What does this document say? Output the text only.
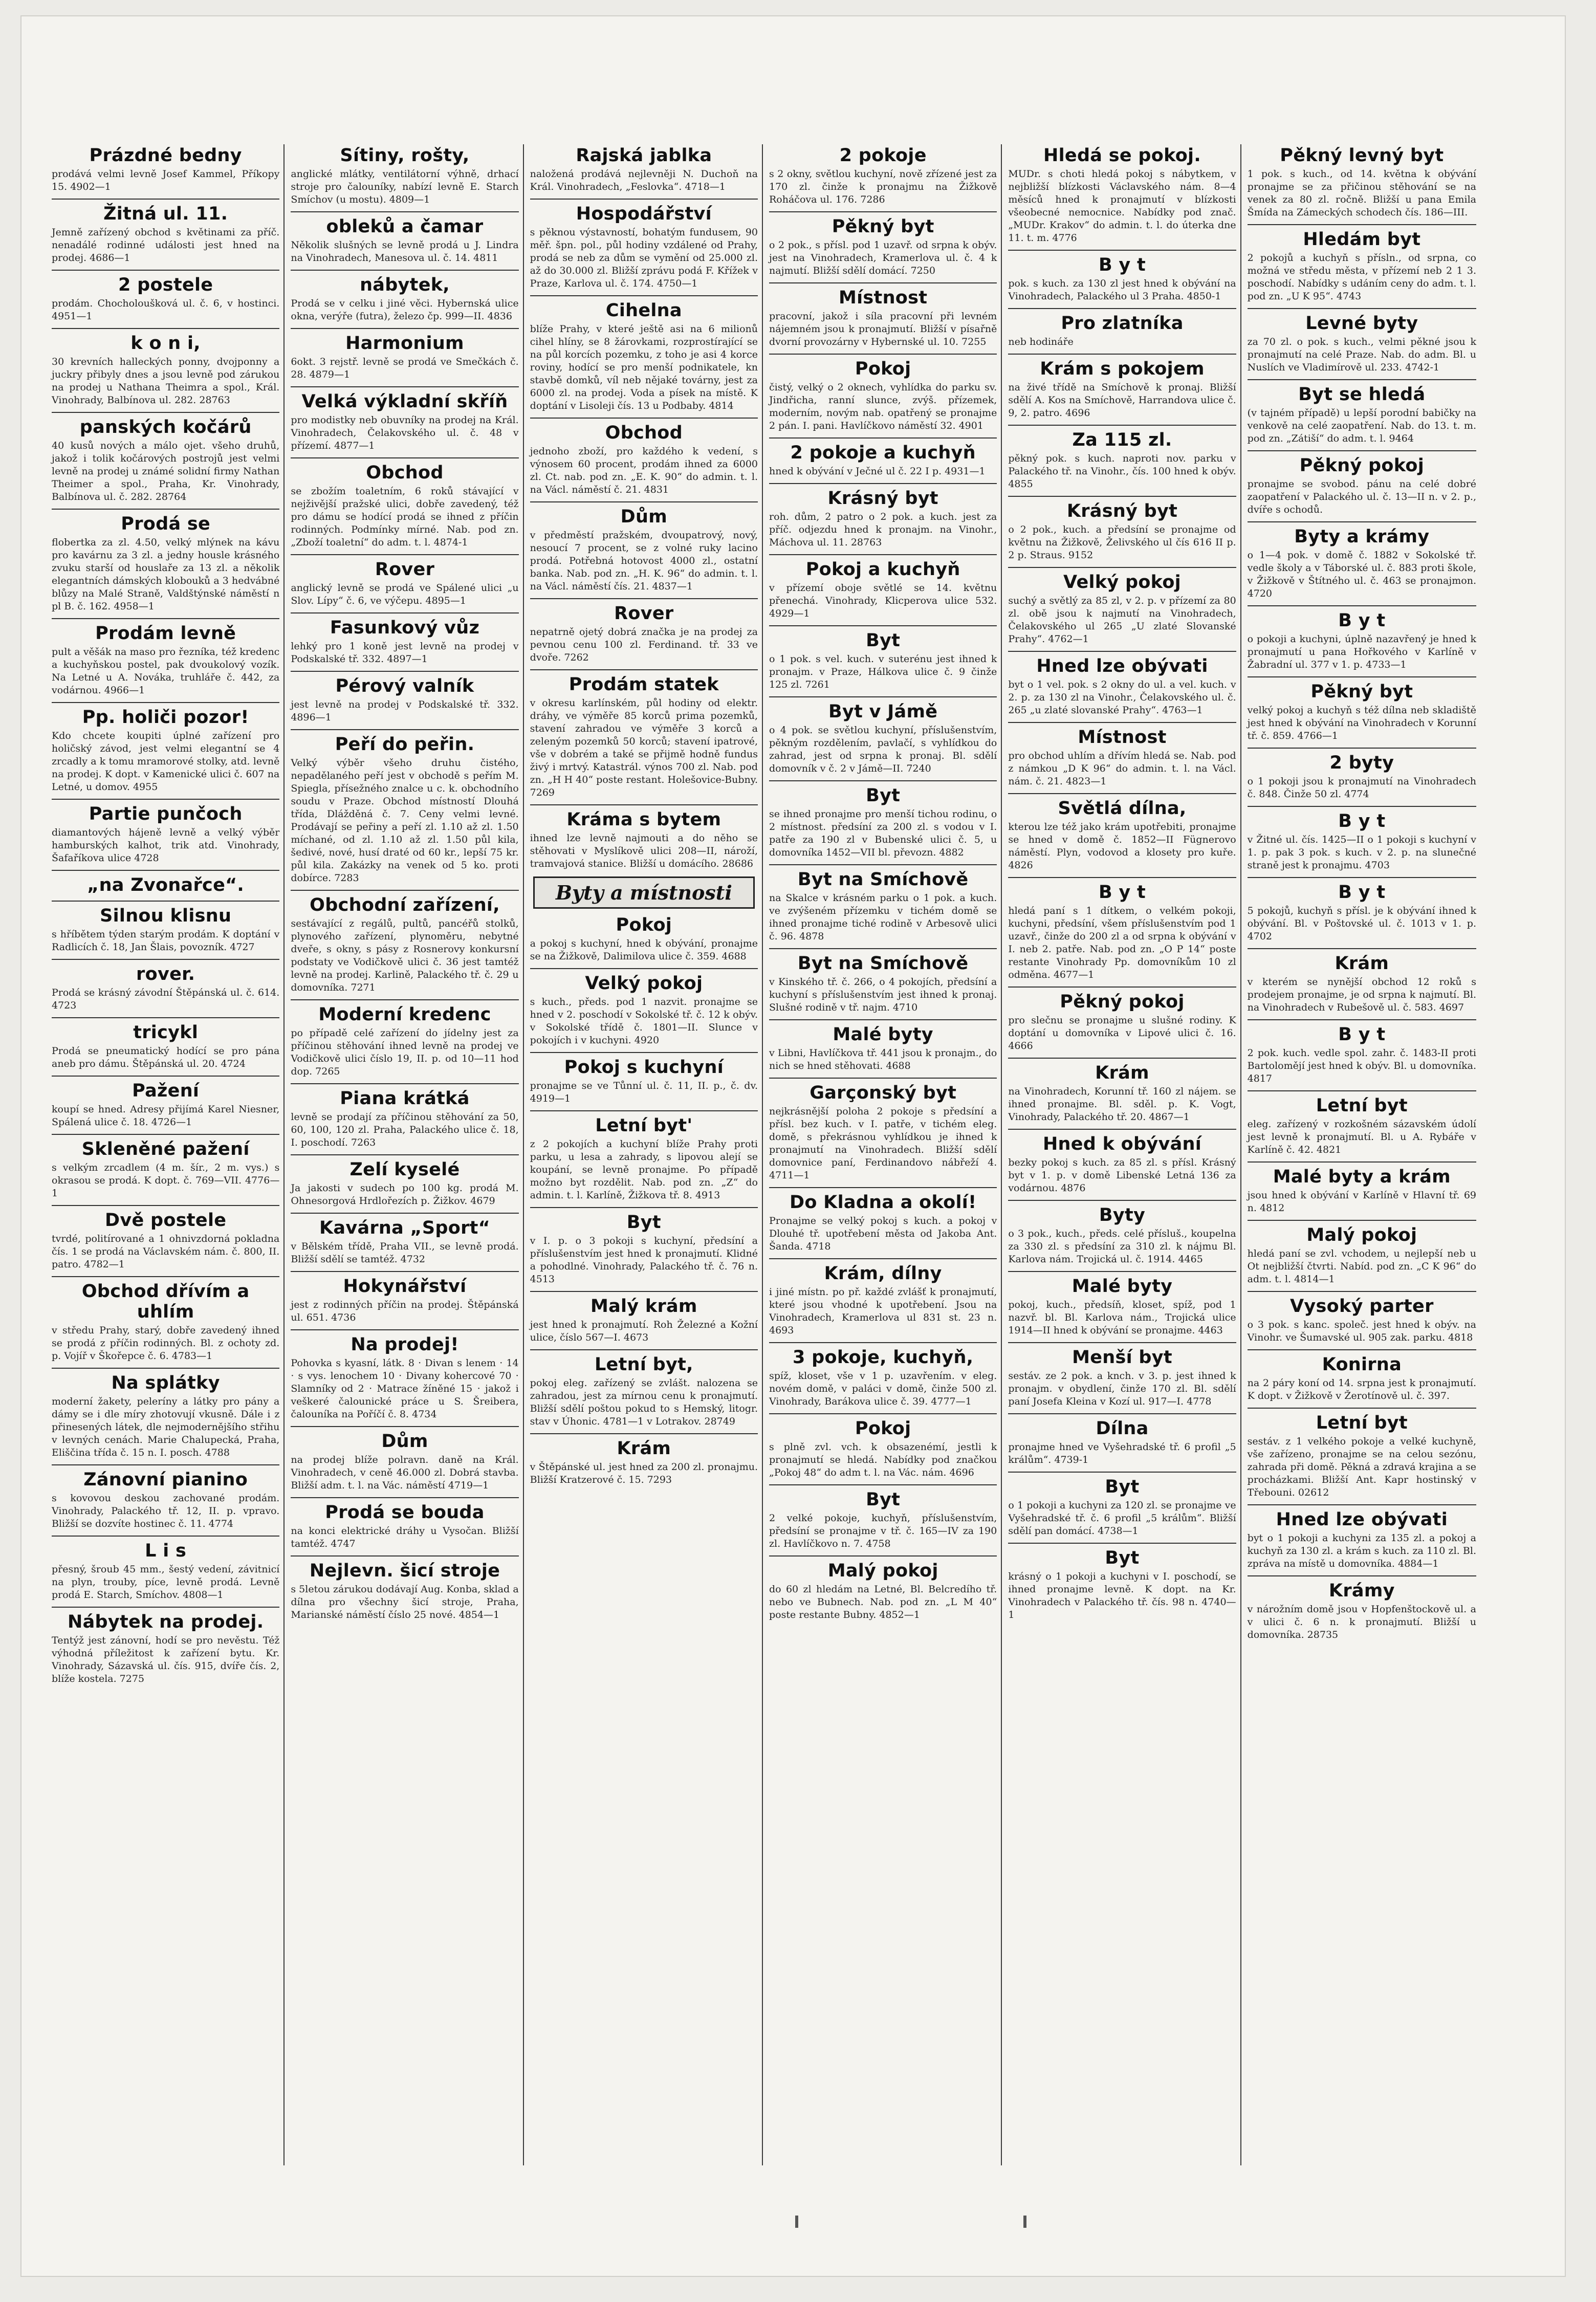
Prázdné bedny

prodává velmi levně Josef Kammel, Příkopy 15. 4902—1

Žitná ul. 11.

Jemně zařízený obchod s květinami za příč. nenadálé rodinné události jest hned na prodej. 4686—1

2 postele

prodám. Chocholoušková ul. č. 6, v hostinci. 4951—1

k o n i,

30 krevních halleckých ponny, dvojponny a juckry přibyly dnes a jsou levně pod zárukou na prodej u Nathana Theimra a spol., Král. Vinohrady, Balbínova ul. 282. 28763

panských kočárů

40 kusů nových a málo ojet. všeho druhů, jakož i tolik kočárových postrojů jest velmi levně na prodej u známé solidní firmy Nathan Theimer a spol., Praha, Kr. Vinohrady, Balbínova ul. č. 282. 28764

Prodá se

flobertka za zl. 4.50, velký mlýnek na kávu pro kavárnu za 3 zl. a jedny housle krásného zvuku starší od houslaře za 13 zl. a několik elegantních dámských klobouků a 3 hedvábné blůzy na Malé Straně, Valdštýnské náměstí n pl B. č. 162. 4958—1

Prodám levně

pult a věšák na maso pro řezníka, též kredenc a kuchyňskou postel, pak dvoukolový vozík. Na Letné u A. Nováka, truhláře č. 442, za vodárnou. 4966—1

Pp. holiči pozor!

Kdo chcete koupiti úplné zařízení pro holičský závod, jest velmi elegantní se 4 zrcadly a k tomu mramorové stolky, atd. levně na prodej. K dopt. v Kamenické ulici č. 607 na Letné, u domov. 4955

Partie punčoch

diamantových hájeně levně a velký výběr hamburských kalhot, trik atd. Vinohrady, Šafaříkova ulice 4728

„na Zvonařce“.
Silnou klisnu

s hříbětem týden starým prodám. K doptání v Radlicích č. 18, Jan Šlais, povozník. 4727

rover.

Prodá se krásný závodní Štěpánská ul. č. 614. 4723

tricykl

Prodá se pneumatický hodící se pro pána aneb pro dámu. Štěpánská ul. 20. 4724

Pažení

koupí se hned. Adresy přijímá Karel Niesner, Spálená ulice č. 18. 4726—1

Skleněné pažení

s velkým zrcadlem (4 m. šír., 2 m. vys.) s okrasou se prodá. K dopt. č. 769—VII. 4776—1

Dvě postele

tvrdé, politírované a 1 ohnivzdorná pokladna čís. 1 se prodá na Václavském nám. č. 800, II. patro. 4782—1

Obchod dřívím a uhlím

v středu Prahy, starý, dobře zavedený ihned se prodá z příčin rodinných. Bl. z ochoty zd. p. Vojíř v Škořepce č. 6. 4783—1

Na splátky

moderní žakety, peleríny a látky pro pány a dámy se i dle míry zhotovují vkusně. Dále i z přinesených látek, dle nejmodernějšího střihu v levných cenách. Marie Chalupecká, Praha, Eliščina třída č. 15 n. I. posch. 4788

Zánovní pianino

s kovovou deskou zachované prodám. Vinohrady, Palackého tř. 12, II. p. vpravo. Bližší se dozvíte hostinec č. 11. 4774

L i s

přesný, šroub 45 mm., šestý vedení, závitnicí na plyn, trouby, píce, levně prodá. Levně prodá E. Starch, Smíchov. 4808—1

Nábytek na prodej.

Tentýž jest zánovní, hodí se pro nevěstu. Též výhodná příležitost k zařízení bytu. Kr. Vinohrady, Sázavská ul. čís. 915, dvíře čís. 2, blíže kostela. 7275

Sítiny, rošty,

anglické mlátky, ventilátorní výhně, drhací stroje pro čalouníky, nabízí levně E. Starch Smíchov (u mostu). 4809—1

obleků a čamar

Několik slušných se levně prodá u J. Lindra na Vinohradech, Manesova ul. č. 14. 4811

nábytek,

Prodá se v celku i jiné věci. Hybernská ulice okna, verýře (futra), železo čp. 999—II. 4836

Harmonium

6okt. 3 rejstř. levně se prodá ve Smečkách č. 28. 4879—1

Velká výkladní skříň

pro modistky neb obuvníky na prodej na Král. Vinohradech, Čelakovského ul. č. 48 v přízemí. 4877—1

Obchod

se zbožím toaletním, 6 roků stávající v nejživější pražské ulici, dobře zavedený, též pro dámu se hodící prodá se ihned z příčin rodinných. Podmínky mírné. Nab. pod zn. „Zboží toaletní“ do adm. t. l. 4874-1

Rover

anglický levně se prodá ve Spálené ulici „u Slov. Lípy“ č. 6, ve výčepu. 4895—1

Fasunkový vůz

lehký pro 1 koně jest levně na prodej v Podskalské tř. 332. 4897—1

Pérový valník

jest levně na prodej v Podskalské tř. 332. 4896—1

Peří do peřin.

Velký výběr všeho druhu čistého, nepadělaného peří jest v obchodě s peřím M. Spiegla, přísežného znalce u c. k. obchodního soudu v Praze. Obchod místností Dlouhá třída, Dlážděná č. 7. Ceny velmi levné. Prodávají se peřiny a peří zl. 1.10 až zl. 1.50 míchané, od zl. 1.10 až zl. 1.50 půl kila, šedivé, nové, husí draté od 60 kr., lepší 75 kr. půl kila. Zakázky na venek od 5 ko. proti dobírce. 7283

Obchodní zařízení,

sestávající z regálů, pultů, pancéřů stolků, plynového zařízení, plynoměru, nebytné dveře, s okny, s pásy z Rosnerovy konkursní podstaty ve Vodičkově ulici č. 36 jest tamtéž levně na prodej. Karlině, Palackého tř. č. 29 u domovníka. 7271

Moderní kredenc

po případě celé zařízení do jídelny jest za příčinou stěhování ihned levně na prodej ve Vodičkově ulici číslo 19, II. p. od 10—11 hod dop. 7265

Piana krátká

levně se prodají za příčinou stěhování za 50, 60, 100, 120 zl. Praha, Palackého ulice č. 18, I. poschodí. 7263

Zelí kyselé

Ja jakosti v sudech po 100 kg. prodá M. Ohnesorgová Hrdlořezích p. Žižkov. 4679

Kavárna „Sport“

v Bělském třídě, Praha VII., se levně prodá. Bližší sdělí se tamtéž. 4732

Hokynářství

jest z rodinných příčin na prodej. Štěpánská ul. 651. 4736

Na prodej!

Pohovka s kyasní, látk. 8 · Divan s lenem · 14 · s vys. lenochem 10 · Divany kohercové 70 · Slamníky od 2 · Matrace žíněné 15 · jakož i veškeré čalounické práce u S. Šreibera, čalouníka na Poříčí č. 8. 4734

Dům

na prodej blíže polravn. daně na Král. Vinohradech, v ceně 46.000 zl. Dobrá stavba. Bližší adm. t. l. na Vác. náměstí 4719—1

Prodá se bouda

na konci elektrické dráhy u Vysočan. Bližší tamtéž. 4747

Nejlevn. šicí stroje

s 5letou zárukou dodávají Aug. Konba, sklad a dílna pro všechny šicí stroje, Praha, Marianské náměstí číslo 25 nové. 4854—1

Rajská jablka

naložená prodává nejlevněji N. Duchoň na Král. Vinohradech, „Feslovka“. 4718—1

Hospodářství

s pěknou výstavností, bohatým fundusem, 90 měř. špn. pol., půl hodiny vzdálené od Prahy, prodá se neb za dům se vymění od 25.000 zl. až do 30.000 zl. Bližší zprávu podá F. Křížek v Praze, Karlova ul. č. 174. 4750—1

Cihelna

blíže Prahy, v které ještě asi na 6 milionů cihel hlíny, se 8 žárovkami, rozprostírající se na půl korcích pozemku, z toho je asi 4 korce roviny, hodící se pro menší podnikatele, kn stavbě domků, víl neb nějaké továrny, jest za 6000 zl. na prodej. Voda a písek na místě. K doptání v Lisoleji čís. 13 u Podbaby. 4814

Obchod

jednoho zboží, pro každého k vedení, s výnosem 60 procent, prodám ihned za 6000 zl. Ct. nab. pod zn. „E. K. 90“ do admin. t. l. na Václ. náměstí č. 21. 4831

Dům

v předměstí pražském, dvoupatrový, nový, nesoucí 7 procent, se z volné ruky lacino prodá. Potřebná hotovost 4000 zl., ostatní banka. Nab. pod zn. „H. K. 96“ do admin. t. l. na Václ. náměstí čís. 21. 4837—1

Rover

nepatrně ojetý dobrá značka je na prodej za pevnou cenu 100 zl. Ferdinand. tř. 33 ve dvoře. 7262

Prodám statek

v okresu karlínském, půl hodiny od elektr. dráhy, ve výměře 85 korců prima pozemků, stavení zahradou ve výměře 3 korců a zeleným pozemků 50 korců; stavení ipatrové, vše v dobrém a také se přijmě hodně fundus živý i mrtvý. Katastrál. výnos 700 zl. Nab. pod zn. „H H 40“ poste restant. Holešovice-Bubny. 7269

Kráma s bytem

ihned lze levně najmouti a do něho se stěhovati v Myslíkově ulici 208—II, nároží, tramvajová stanice. Bližší u domácího. 28686

Byty a místnosti
Pokoj

a pokoj s kuchyní, hned k obývání, pronajme se na Žižkově, Dalimilova ulice č. 359. 4688

Velký pokoj

s kuch., předs. pod 1 nazvit. pronajme se hned v 2. poschodí v Sokolské tř. č. 12 k obýv. v Sokolské třídě č. 1801—II. Slunce v pokojích i v kuchyni. 4920

Pokoj s kuchyní

pronajme se ve Tůnní ul. č. 11, II. p., č. dv. 4919—1

Letní byt'

z 2 pokojích a kuchyní blíže Prahy proti parku, u lesa a zahrady, s lipovou alejí se koupání, se levně pronajme. Po případě možno byt rozdělit. Nab. pod zn. „Z“ do admin. t. l. Karlíně, Žižkova tř. 8. 4913

Byt

v I. p. o 3 pokoji s kuchyní, předsíní a příslušenstvím jest hned k pronajmutí. Klidné a pohodlné. Vinohrady, Palackého tř. č. 76 n. 4513

Malý krám

jest hned k pronajmutí. Roh Železné a Kožní ulice, číslo 567—I. 4673

Letní byt,

pokoj eleg. zařízený se zvlášt. nalozena se zahradou, jest za mírnou cenu k pronajmutí. Bližší sdělí poštou pokud to s Hemský, litogr. stav v Úhonic. 4781—1 v Lotrakov. 28749

Krám

v Štěpánské ul. jest hned za 200 zl. pronajmu. Bližší Kratzerové č. 15. 7293

2 pokoje

s 2 okny, světlou kuchyní, nově zřízené jest za 170 zl. činže k pronajmu na Žižkově Roháčova ul. 176. 7286

Pěkný byt

o 2 pok., s přísl. pod 1 uzavř. od srpna k obýv. jest na Vinohradech, Kramerlova ul. č. 4 k najmutí. Bližší sdělí domácí. 7250

Místnost

pracovní, jakož i síla pracovní při levném nájemném jsou k pronajmutí. Bližší v písařně dvorní provozárny v Hybernské ul. 10. 7255

Pokoj

čistý, velký o 2 oknech, vyhlídka do parku sv. Jindřicha, ranní slunce, zvýš. přízemek, moderním, novým nab. opatřený se pronajme 2 pán. I. pani. Havlíčkovo náměstí 32. 4901

2 pokoje a kuchyň

hned k obývání v Ječné ul č. 22 I p. 4931—1

Krásný byt

roh. dům, 2 patro o 2 pok. a kuch. jest za příč. odjezdu hned k pronajm. na Vinohr., Máchova ul. 11. 28763

Pokoj a kuchyň

v přízemí oboje světlé se 14. květnu přenechá. Vinohrady, Klicperova ulice 532. 4929—1

Byt

o 1 pok. s vel. kuch. v suterénu jest ihned k pronajm. v Praze, Hálkova ulice č. 9 činže 125 zl. 7261

Byt v Jámě

o 4 pok. se světlou kuchyní, příslušenstvím, pěkným rozdělením, pavlačí, s vyhlídkou do zahrad, jest od srpna k pronaj. Bl. sdělí domovník v č. 2 v Jámě—II. 7240

Byt

se ihned pronajme pro menší tichou rodinu, o 2 místnost. předsíní za 200 zl. s vodou v I. patře za 190 zl v Bubenské ulici č. 5, u domovníka 1452—VII bl. převozn. 4882

Byt na Smíchově

na Skalce v krásném parku o 1 pok. a kuch. ve zvýšeném přízemku v tichém domě se ihned pronajme tiché rodině v Arbesově ulici č. 96. 4878

Byt na Smíchově

v Kinského tř. č. 266, o 4 pokojích, předsíní a kuchyní s příslušenstvím jest ihned k pronaj. Slušné rodině v tř. najm. 4710

Malé byty

v Libni, Havlíčkova tř. 441 jsou k pronajm., do nich se hned stěhovati. 4688

Garçonský byt

nejkrásnější poloha 2 pokoje s předsíní a přísl. bez kuch. v I. patře, v tichém eleg. domě, s překrásnou vyhlídkou je ihned k pronajmutí na Vinohradech. Bližší sdělí domovnice paní, Ferdinandovo nábřeží 4. 4711—1

Do Kladna a okolí!

Pronajme se velký pokoj s kuch. a pokoj v Dlouhé tř. upotřebení města od Jakoba Ant. Šanda. 4718

Krám, dílny

i jiné místn. po př. každé zvlášť k pronajmutí, které jsou vhodné k upotřebení. Jsou na Vinohradech, Kramerlova ul 831 st. 23 n. 4693

3 pokoje, kuchyň,

spíž, kloset, vše v 1 p. uzavřením. v eleg. novém domě, v paláci v domě, činže 500 zl. Vinohrady, Barákova ulice č. 39. 4777—1

Pokoj

s plně zvl. vch. k obsazenémí, jestli k pronajmutí se hledá. Nabídky pod značkou „Pokoj 48“ do adm t. l. na Vác. nám. 4696

Byt

2 velké pokoje, kuchyň, příslušenstvím, předsíní se pronajme v tř. č. 165—IV za 190 zl. Havlíčkovo n. 7. 4758

Malý pokoj

do 60 zl hledám na Letné, Bl. Belcredího tř. nebo ve Bubnech. Nab. pod zn. „L M 40“ poste restante Bubny. 4852—1

Hledá se pokoj.

MUDr. s choti hledá pokoj s nábytkem, v nejbližší blízkosti Václavského nám. 8—4 měsíců hned k pronajmutí v blízkosti všeobecné nemocnice. Nabídky pod znač. „MUDr. Krakov“ do admin. t. l. do úterka dne 11. t. m. 4776

B y t

pok. s kuch. za 130 zl jest hned k obývání na Vinohradech, Palackého ul 3 Praha. 4850-1

Pro zlatníka

neb hodináře

Krám s pokojem

na živé třídě na Smíchově k pronaj. Bližší sdělí A. Kos na Smíchově, Harrandova ulice č. 9, 2. patro. 4696

Za 115 zl.

pěkný pok. s kuch. naproti nov. parku v Palackého tř. na Vinohr., čís. 100 hned k obýv. 4855

Krásný byt

o 2 pok., kuch. a předsíní se pronajme od květnu na Žižkově, Želivského ul čís 616 II p. 2 p. Straus. 9152

Velký pokoj

suchý a světlý za 85 zl, v 2. p. v přízemí za 80 zl. obě jsou k najmutí na Vinohradech, Čelakovského ul 265 „U zlaté Slovanské Prahy“. 4762—1

Hned lze obývati

byt o 1 vel. pok. s 2 okny do ul. a vel. kuch. v 2. p. za 130 zl na Vinohr., Čelakovského ul. č. 265 „u zlaté slovanské Prahy“. 4763—1

Místnost

pro obchod uhlím a dřívím hledá se. Nab. pod z námkou „D K 96“ do admin. t. l. na Václ. nám. č. 21. 4823—1

Světlá dílna,

kterou lze též jako krám upotřebiti, pronajme se hned v domě č. 1852—II Fügnerovo náměstí. Plyn, vodovod a klosety pro kuře. 4826

B y t

hledá paní s 1 dítkem, o velkém pokoji, kuchyni, předsíní, všem příslušenstvím pod 1 uzavř., činže do 200 zl a od srpna k obývání v I. neb 2. patře. Nab. pod zn. „O P 14“ poste restante Vinohrady Pp. domovníkům 10 zl odměna. 4677—1

Pěkný pokoj

pro slečnu se pronajme u slušné rodiny. K doptání u domovníka v Lipové ulici č. 16. 4666

Krám

na Vinohradech, Korunní tř. 160 zl nájem. se ihned pronajme. Bl. sděl. p. K. Vogt, Vinohrady, Palackého tř. 20. 4867—1

Hned k obývání

bezky pokoj s kuch. za 85 zl. s přísl. Krásný byt v 1. p. v domě Libenské Letná 136 za vodárnou. 4876

Byty

o 3 pok., kuch., předs. celé přísluš., koupelna za 330 zl. s předsíní za 310 zl. k nájmu Bl. Karlova nám. Trojická ul. č. 1914. 4465

Malé byty

pokoj, kuch., předsíň, kloset, spíž, pod 1 nazvř. bl. Bl. Karlova nám., Trojická ulice 1914—II hned k obývání se pronajme. 4463

Menší byt

sestáv. ze 2 pok. a knch. v 3. p. jest ihned k pronajm. v obydlení, činže 170 zl. Bl. sdělí paní Josefa Kleina v Kozí ul. 917—I. 4778

Dílna

pronajme hned ve Vyšehradské tř. 6 profil „5 králům“. 4739-1

Byt

o 1 pokoji a kuchyni za 120 zl. se pronajme ve Vyšehradské tř. č. 6 profil „5 králům“. Bližší sdělí pan domácí. 4738—1

Byt

krásný o 1 pokoji a kuchyni v I. poschodí, se ihned pronajme levně. K dopt. na Kr. Vinohradech v Palackého tř. čís. 98 n. 4740—1

Pěkný levný byt

1 pok. s kuch., od 14. května k obývání pronajme se za přičinou stěhování se na venek za 80 zl. ročně. Bližší u pana Emila Šmída na Zámeckých schodech čís. 186—III.

Hledám byt

2 pokojů a kuchyň s přísln., od srpna, co možná ve středu města, v přízemí neb 2 1 3. poschodí. Nabídky s udáním ceny do adm. t. l. pod zn. „U K 95“. 4743

Levné byty

za 70 zl. o pok. s kuch., velmi pěkné jsou k pronajmutí na celé Praze. Nab. do adm. Bl. u Nuslích ve Vladimírově ul. 233. 4742-1

Byt se hledá

(v tajném případě) u lepší porodní babičky na venkově na celé zaopatření. Nab. do 13. t. m. pod zn. „Zátiší“ do adm. t. l. 9464

Pěkný pokoj

pronajme se svobod. pánu na celé dobré zaopatření v Palackého ul. č. 13—II n. v 2. p., dvíře s ochodů.

Byty a krámy

o 1—4 pok. v domě č. 1882 v Sokolské tř. vedle školy a v Táborské ul. č. 883 proti škole, v Žižkově v Štítného ul. č. 463 se pronajmon. 4720

B y t

o pokoji a kuchyni, úplně nazavřený je hned k pronajmutí u pana Hořkového v Karlíně v Žabradní ul. 377 v 1. p. 4733—1

Pěkný byt

velký pokoj a kuchyň s též dílna neb skladiště jest hned k obývání na Vinohradech v Korunní tř. č. 859. 4766—1

2 byty

o 1 pokoji jsou k pronajmutí na Vinohradech č. 848. Činže 50 zl. 4774

B y t

v Žitné ul. čís. 1425—II o 1 pokoji s kuchyní v 1. p. pak 3 pok. s kuch. v 2. p. na slunečné straně jest k pronajmu. 4703

B y t

5 pokojů, kuchyň s přísl. je k obývání ihned k obývání. Bl. v Poštovské ul. č. 1013 v 1. p. 4702

Krám

v kterém se nynější obchod 12 roků s prodejem pronajme, je od srpna k najmutí. Bl. na Vinohradech v Rubešově ul. č. 583. 4697

B y t

2 pok. kuch. vedle spol. zahr. č. 1483-II proti Bartolomějí jest hned k obýv. Bl. u domovníka. 4817

Letní byt

eleg. zařízený v rozkošném sázavském údolí jest levně k pronajmutí. Bl. u A. Rybáře v Karlíně č. 42. 4821

Malé byty a krám

jsou hned k obývání v Karlíně v Hlavní tř. 69 n. 4812

Malý pokoj

hledá paní se zvl. vchodem, u nejlepší neb u Ot nejbližší čtvrti. Nabíd. pod zn. „C K 96“ do adm. t. l. 4814—1

Vysoký parter

o 3 pok. s kanc. společ. jest hned k obýv. na Vinohr. ve Šumavské ul. 905 zak. parku. 4818

Konirna

na 2 páry koní od 14. srpna jest k pronajmutí. K dopt. v Žižkově v Žerotínově ul. č. 397.

Letní byt

sestáv. z 1 velkého pokoje a velké kuchyně, vše zařízeno, pronajme se na celou sezónu, zahrada při domě. Pěkná a zdravá krajina a se procházkami. Bližší Ant. Kapr hostinský v Třebouni. 02612

Hned lze obývati

byt o 1 pokoji a kuchyni za 135 zl. a pokoj a kuchyň za 130 zl. a krám s kuch. za 110 zl. Bl. zpráva na místě u domovníka. 4884—1

Krámy

v nárožním domě jsou v Hopfenštockově ul. a v ulici č. 6 n. k pronajmutí. Bližší u domovníka. 28735
